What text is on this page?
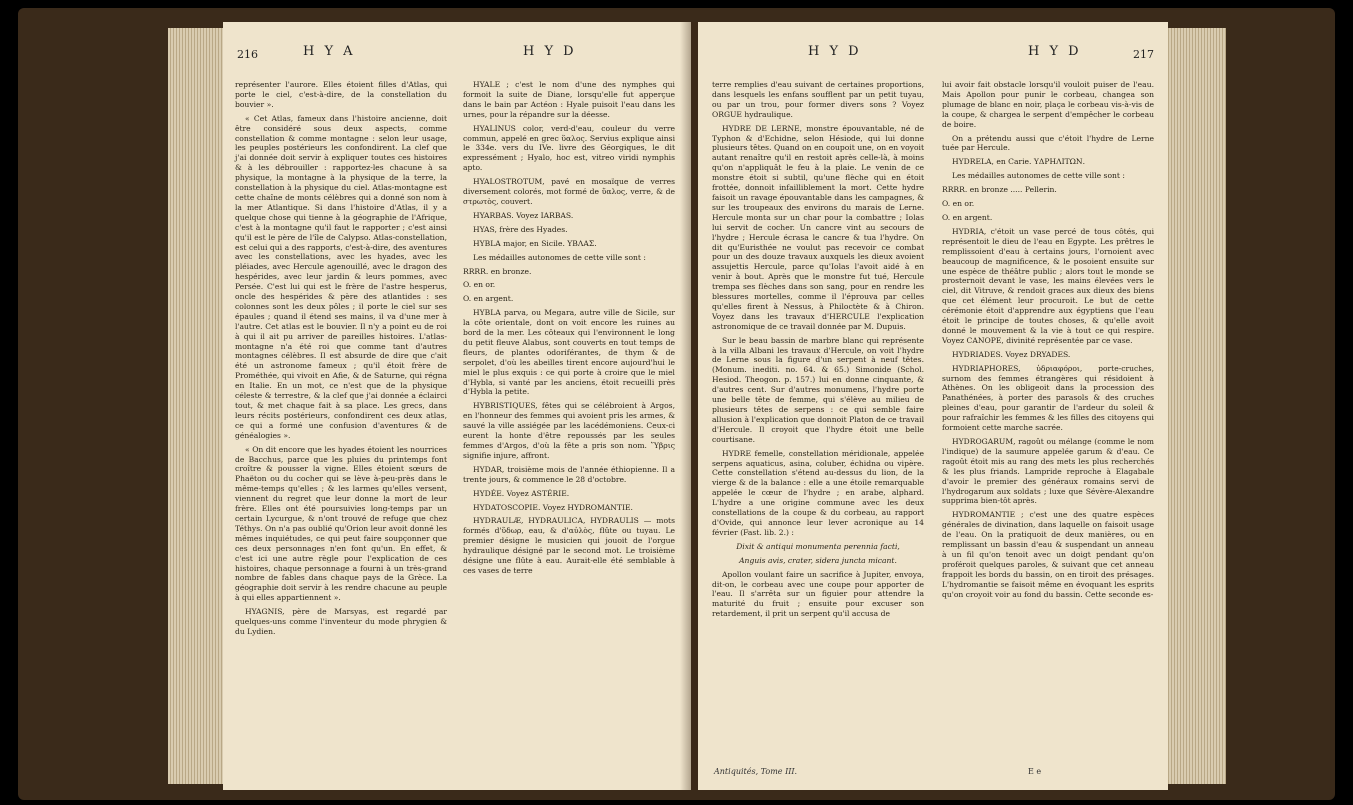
216	H Y A	H Y D

représenter l'aurore. Elles étoient filles d'Atlas, qui porte le ciel, c'est-à-dire, de la constellation du bouvier ».

« Cet Atlas, fameux dans l'histoire ancienne, doit être considéré sous deux aspects, comme constellation & comme montagne : selon leur usage, les peuples postérieurs les confondirent. La clef que j'ai donnée doit servir à expliquer toutes ces histoires & à les débrouiller : rapportez-les chacune à sa physique, la montagne à la physique de la terre, la constellation à la physique du ciel. Atlas-montagne est cette chaîne de monts célèbres qui a donné son nom à la mer Atlantique. Si dans l'histoire d'Atlas, il y a quelque chose qui tienne à la géographie de l'Afrique, c'est à la montagne qu'il faut le rapporter ; c'est ainsi qu'il est le père de l'île de Calypso. Atlas-constellation, est celui qui a des rapports, c'est-à-dire, des aventures avec les constellations, avec les hyades, avec les pléiades, avec Hercule agenouillé, avec le dragon des hespérides, avec leur jardin & leurs pommes, avec Persée. C'est lui qui est le frère de l'astre hesperus, oncle des hespérides & père des atlantides : ses colonnes sont les deux pôles ; il porte le ciel sur ses épaules ; quand il étend ses mains, il va d'une mer à l'autre. Cet atlas est le bouvier. Il n'y a point eu de roi à qui il ait pu arriver de pareilles histoires. L'atlas-montagne n'a été roi que comme tant d'autres montagnes célèbres. Il est absurde de dire que c'ait été un astronome fameux ; qu'il étoit frère de Prométhée, qui vivoit en Afie, & de Saturne, qui régna en Italie. En un mot, ce n'est que de la physique céleste & terrestre, & la clef que j'ai donnée a éclairci tout, & met chaque fait à sa place. Les grecs, dans leurs récits postérieurs, confondirent ces deux atlas, ce qui a formé une confusion d'aventures & de généalogies ».

« On dit encore que les hyades étoient les nourrices de Bacchus, parce que les pluies du printemps font croître & pousser la vigne. Elles étoient sœurs de Phaëton ou du cocher qui se lève à-peu-près dans le même-temps qu'elles ; & les larmes qu'elles versent, viennent du regret que leur donne la mort de leur frère. Elles ont été poursuivies long-temps par un certain Lycurgue, & n'ont trouvé de refuge que chez Téthys. On n'a pas oublié qu'Orion leur avoit donné les mêmes inquiétudes, ce qui peut faire soupçonner que ces deux personnages n'en font qu'un. En effet, & c'est ici une autre règle pour l'explication de ces histoires, chaque personnage a fourni à un très-grand nombre de fables dans chaque pays de la Grèce. La géographie doit servir à les rendre chacune au peuple à qui elles appartiennent ».

HYAGNIS, père de Marsyas, est regardé par quelques-uns comme l'inventeur du mode phrygien & du Lydien.

HYALE ; c'est le nom d'une des nymphes qui formoit la suite de Diane, lorsqu'elle fut apperçue dans le bain par Actéon : Hyale puisoit l'eau dans les urnes, pour la répandre sur la déesse.

HYALINUS color, verd-d'eau, couleur du verre commun, appelé en grec ὕαλος. Servius explique ainsi le 334e. vers du IVe. livre des Géorgiques, le dit expressément ; Hyalo, hoc est, vitreo viridi nymphis apto.

HYALOSTROTUM, pavé en mosaïque de verres diversement colorés, mot formé de ὕαλος, verre, & de στρωτὸς, couvert.

HYARBAS. Voyez IARBAS.

HYAS, frère des Hyades.

HYBLA major, en Sicile. ΥΒΛΑΣ.

Les médailles autonomes de cette ville sont :

RRRR. en bronze.

O. en or.

O. en argent.

HYBLA parva, ou Megara, autre ville de Sicile, sur la côte orientale, dont on voit encore les ruines au bord de la mer. Les côteaux qui l'environnent le long du petit fleuve Alabus, sont couverts en tout temps de fleurs, de plantes odoriférantes, de thym & de serpolet, d'où les abeilles tirent encore aujourd'hui le miel le plus exquis : ce qui porte à croire que le miel d'Hybla, si vanté par les anciens, étoit recueilli près d'Hybla la petite.

HYBRISTIQUES, fêtes qui se célébroient à Argos, en l'honneur des femmes qui avoient pris les armes, & sauvé la ville assiégée par les lacédémoniens. Ceux-ci eurent la honte d'être repoussés par les seules femmes d'Argos, d'où la fête a pris son nom. Ὕβρις signifie injure, affront.

HYDAR, troisième mois de l'année éthiopienne. Il a trente jours, & commence le 28 d'octobre.

HYDÉE. Voyez ASTÉRIE.

HYDATOSCOPIE. Voyez HYDROMANTIE.

HYDRAULÆ, HYDRAULICA, HYDRAULIS — mots formés d'ὕδωρ, eau, & d'αὐλὸς, flûte ou tuyau. Le premier désigne le musicien qui jouoit de l'orgue hydraulique désigné par le second mot. Le troisième désigne une flûte à eau. Aurait-elle été semblable à ces vases de terre

H Y D	H Y D	217

terre remplies d'eau suivant de certaines proportions, dans lesquels les enfans soufflent par un petit tuyau, ou par un trou, pour former divers sons ? Voyez ORGUE hydraulique.

HYDRE DE LERNE, monstre épouvantable, né de Typhon & d'Echidne, selon Hésiode, qui lui donne plusieurs têtes. Quand on en coupoit une, on en voyoit autant renaître qu'il en restoit après celle-là, à moins qu'on n'appliquât le feu à la plaie. Le venin de ce monstre étoit si subtil, qu'une flèche qui en étoit frottée, donnoit infailliblement la mort. Cette hydre faisoit un ravage épouvantable dans les campagnes, & sur les troupeaux des environs du marais de Lerne. Hercule monta sur un char pour la combattre ; Iolas lui servit de cocher. Un cancre vint au secours de l'hydre ; Hercule écrasa le cancre & tua l'hydre. On dit qu'Euristhée ne voulut pas recevoir ce combat pour un des douze travaux auxquels les dieux avoient assujettis Hercule, parce qu'Iolas l'avoit aidé à en venir à bout. Après que le monstre fut tué, Hercule trempa ses flèches dans son sang, pour en rendre les blessures mortelles, comme il l'éprouva par celles qu'elles firent à Nessus, à Philoctète & à Chiron. Voyez dans les travaux d'HERCULE l'explication astronomique de ce travail donnée par M. Dupuis.

Sur le beau bassin de marbre blanc qui représente à la villa Albani les travaux d'Hercule, on voit l'hydre de Lerne sous la figure d'un serpent à neuf têtes. (Monum. inediti. no. 64. & 65.) Simonide (Schol. Hesiod. Theogon. p. 157.) lui en donne cinquante, & d'autres cent. Sur d'autres monumens, l'hydre porte une belle tête de femme, qui s'élève au milieu de plusieurs têtes de serpens : ce qui semble faire allusion à l'explication que donnoit Platon de ce travail d'Hercule. Il croyoit que l'hydre étoit une belle courtisane.

HYDRE femelle, constellation méridionale, appelée serpens aquaticus, asina, coluber, échidna ou vipère. Cette constellation s'étend au-dessus du lion, de la vierge & de la balance : elle a une étoile remarquable appelée le cœur de l'hydre ; en arabe, alphard. L'hydre a une origine commune avec les deux constellations de la coupe & du corbeau, au rapport d'Ovide, qui annonce leur lever acronique au 14 février (Fast. lib. 2.) :

Dixit & antiqui monumenta perennia facti,

Anguis avis, crater, sidera juncta micant.

Apollon voulant faire un sacrifice à Jupiter, envoya, dit-on, le corbeau avec une coupe pour apporter de l'eau. Il s'arrêta sur un figuier pour attendre la maturité du fruit ; ensuite pour excuser son retardement, il prit un serpent qu'il accusa de

lui avoir fait obstacle lorsqu'il vouloit puiser de l'eau. Mais Apollon pour punir le corbeau, changea son plumage de blanc en noir, plaça le corbeau vis-à-vis de la coupe, & chargea le serpent d'empêcher le corbeau de boire.

On a prétendu aussi que c'étoit l'hydre de Lerne tuée par Hercule.

HYDRELA, en Carie. ΥΔΡΗΛΙΤΩΝ.

Les médailles autonomes de cette ville sont :

RRRR. en bronze ..... Pellerin.

O. en or.

O. en argent.

HYDRIA, c'étoit un vase percé de tous côtés, qui représentoit le dieu de l'eau en Egypte. Les prêtres le remplissoient d'eau à certains jours, l'ornoient avec beaucoup de magnificence, & le posoient ensuite sur une espèce de théâtre public ; alors tout le monde se prosternoit devant le vase, les mains élevées vers le ciel, dit Vitruve, & rendoit graces aux dieux des biens que cet élément leur procuroit. Le but de cette cérémonie étoit d'apprendre aux égyptiens que l'eau étoit le principe de toutes choses, & qu'elle avoit donné le mouvement & la vie à tout ce qui respire. Voyez CANOPE, divinité représentée par ce vase.

HYDRIADES. Voyez DRYADES.

HYDRIAPHORES, ὑδριαφόροι, porte-cruches, surnom des femmes étrangères qui résidoient à Athènes. On les obligeoit dans la procession des Panathénées, à porter des parasols & des cruches pleines d'eau, pour garantir de l'ardeur du soleil & pour rafraîchir les femmes & les filles des citoyens qui formoient cette marche sacrée.

HYDROGARUM, ragoût ou mélange (comme le nom l'indique) de la saumure appelée garum & d'eau. Ce ragoût étoit mis au rang des mets les plus recherchés & les plus friands. Lampride reproche à Elagabale d'avoir le premier des généraux romains servi de l'hydrogarum aux soldats ; luxe que Sévère-Alexandre supprima bien-tôt après.

HYDROMANTIE ; c'est une des quatre espèces générales de divination, dans laquelle on faisoit usage de l'eau. On la pratiquoit de deux manières, ou en remplissant un bassin d'eau & suspendant un anneau à un fil qu'on tenoit avec un doigt pendant qu'on proféroit quelques paroles, & suivant que cet anneau frappoit les bords du bassin, on en tiroit des présages. L'hydromantie se faisoit même en évoquant les esprits qu'on croyoit voir au fond du bassin. Cette seconde es-

Antiquités, Tome III.	E e
